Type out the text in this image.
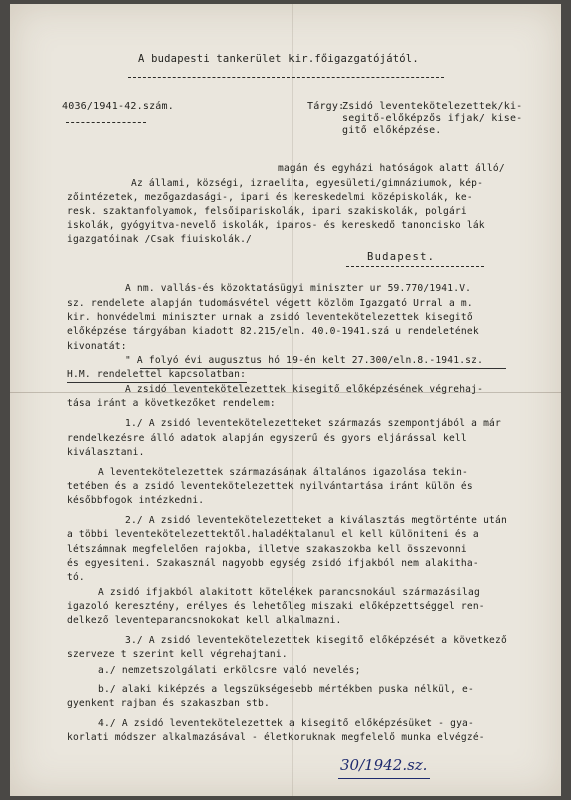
A budapesti tankerület kir.főigazgatójától.
4036/1941-42.szám.	Tárgy:
Zsidó leventekötelezettek/ki-
segitő-előképzős ifjak/ kise-
gitő előképzése.
magán és egyházi hatóságok alatt álló/
Az állami, községi, izraelita, egyesületi/gimnáziumok, kép-
zőintézetek, mezőgazdasági-, ipari és kereskedelmi középiskolák, ke-
resk. szaktanfolyamok, felsőipariskolák, ipari szakiskolák, polgári
iskolák, gyógyitva-nevelő iskolák, iparos- és kereskedő tanoncisko lák
igazgatóinak /Csak fiuiskolák./
Budapest.
A nm. vallás-és közoktatásügyi miniszter ur 59.770/1941.V.
sz. rendelete alapján tudomásvétel végett közlöm Igazgató Urral a m.
kir. honvédelmi miniszter urnak a zsidó leventekötelezettek kisegitő
előképzése tárgyában kiadott 82.215/eln. 40.0-1941.szá u rendeletének
kivonatát:
" A folyó évi augusztus hó 19-én kelt 27.300/eln.8.-1941.sz.
H.M. rendelettel kapcsolatban:
A zsidó leventekötelezettek kisegitő előképzésének végrehaj-
tása iránt a következőket rendelem:
1./ A zsidó leventekötelezetteket származás szempontjából a már
rendelkezésre álló adatok alapján egyszerű és gyors eljárással kell
kiválasztani.
A leventekötelezettek származásának általános igazolása tekin-
tetében és a zsidó leventekötelezettek nyilvántartása iránt külön és
későbbfogok intézkedni.
2./ A zsidó leventekötelezetteket a kiválasztás megtörténte után
a többi leventekötelezettektől.haladéktalanul el kell különiteni és a
létszámnak megfelelően rajokba, illetve szakaszokba kell összevonni
és egyesiteni. Szakasznál nagyobb egység zsidó ifjakból nem alakitha-
tó.
A zsidó ifjakból alakitott kötelékek parancsnokául származásilag
igazoló keresztény, erélyes és lehetőleg miszaki előképzettséggel ren-
delkező leventeparancsnokokat kell alkalmazni.
3./ A zsidó leventekötelezettek kisegitő előképzését a következő
szerveze t szerint kell végrehajtani.
a./ nemzetszolgálati erkölcsre való nevelés;
b./ alaki kiképzés a legszükségesebb mértékben puska nélkül, e-
gyenkent rajban és szakaszban stb.
4./ A zsidó leventekötelezettek a kisegitő előképzésüket - gya-
korlati módszer alkalmazásával - életkoruknak megfelelő munka elvégzé-
30/1942.sz.
